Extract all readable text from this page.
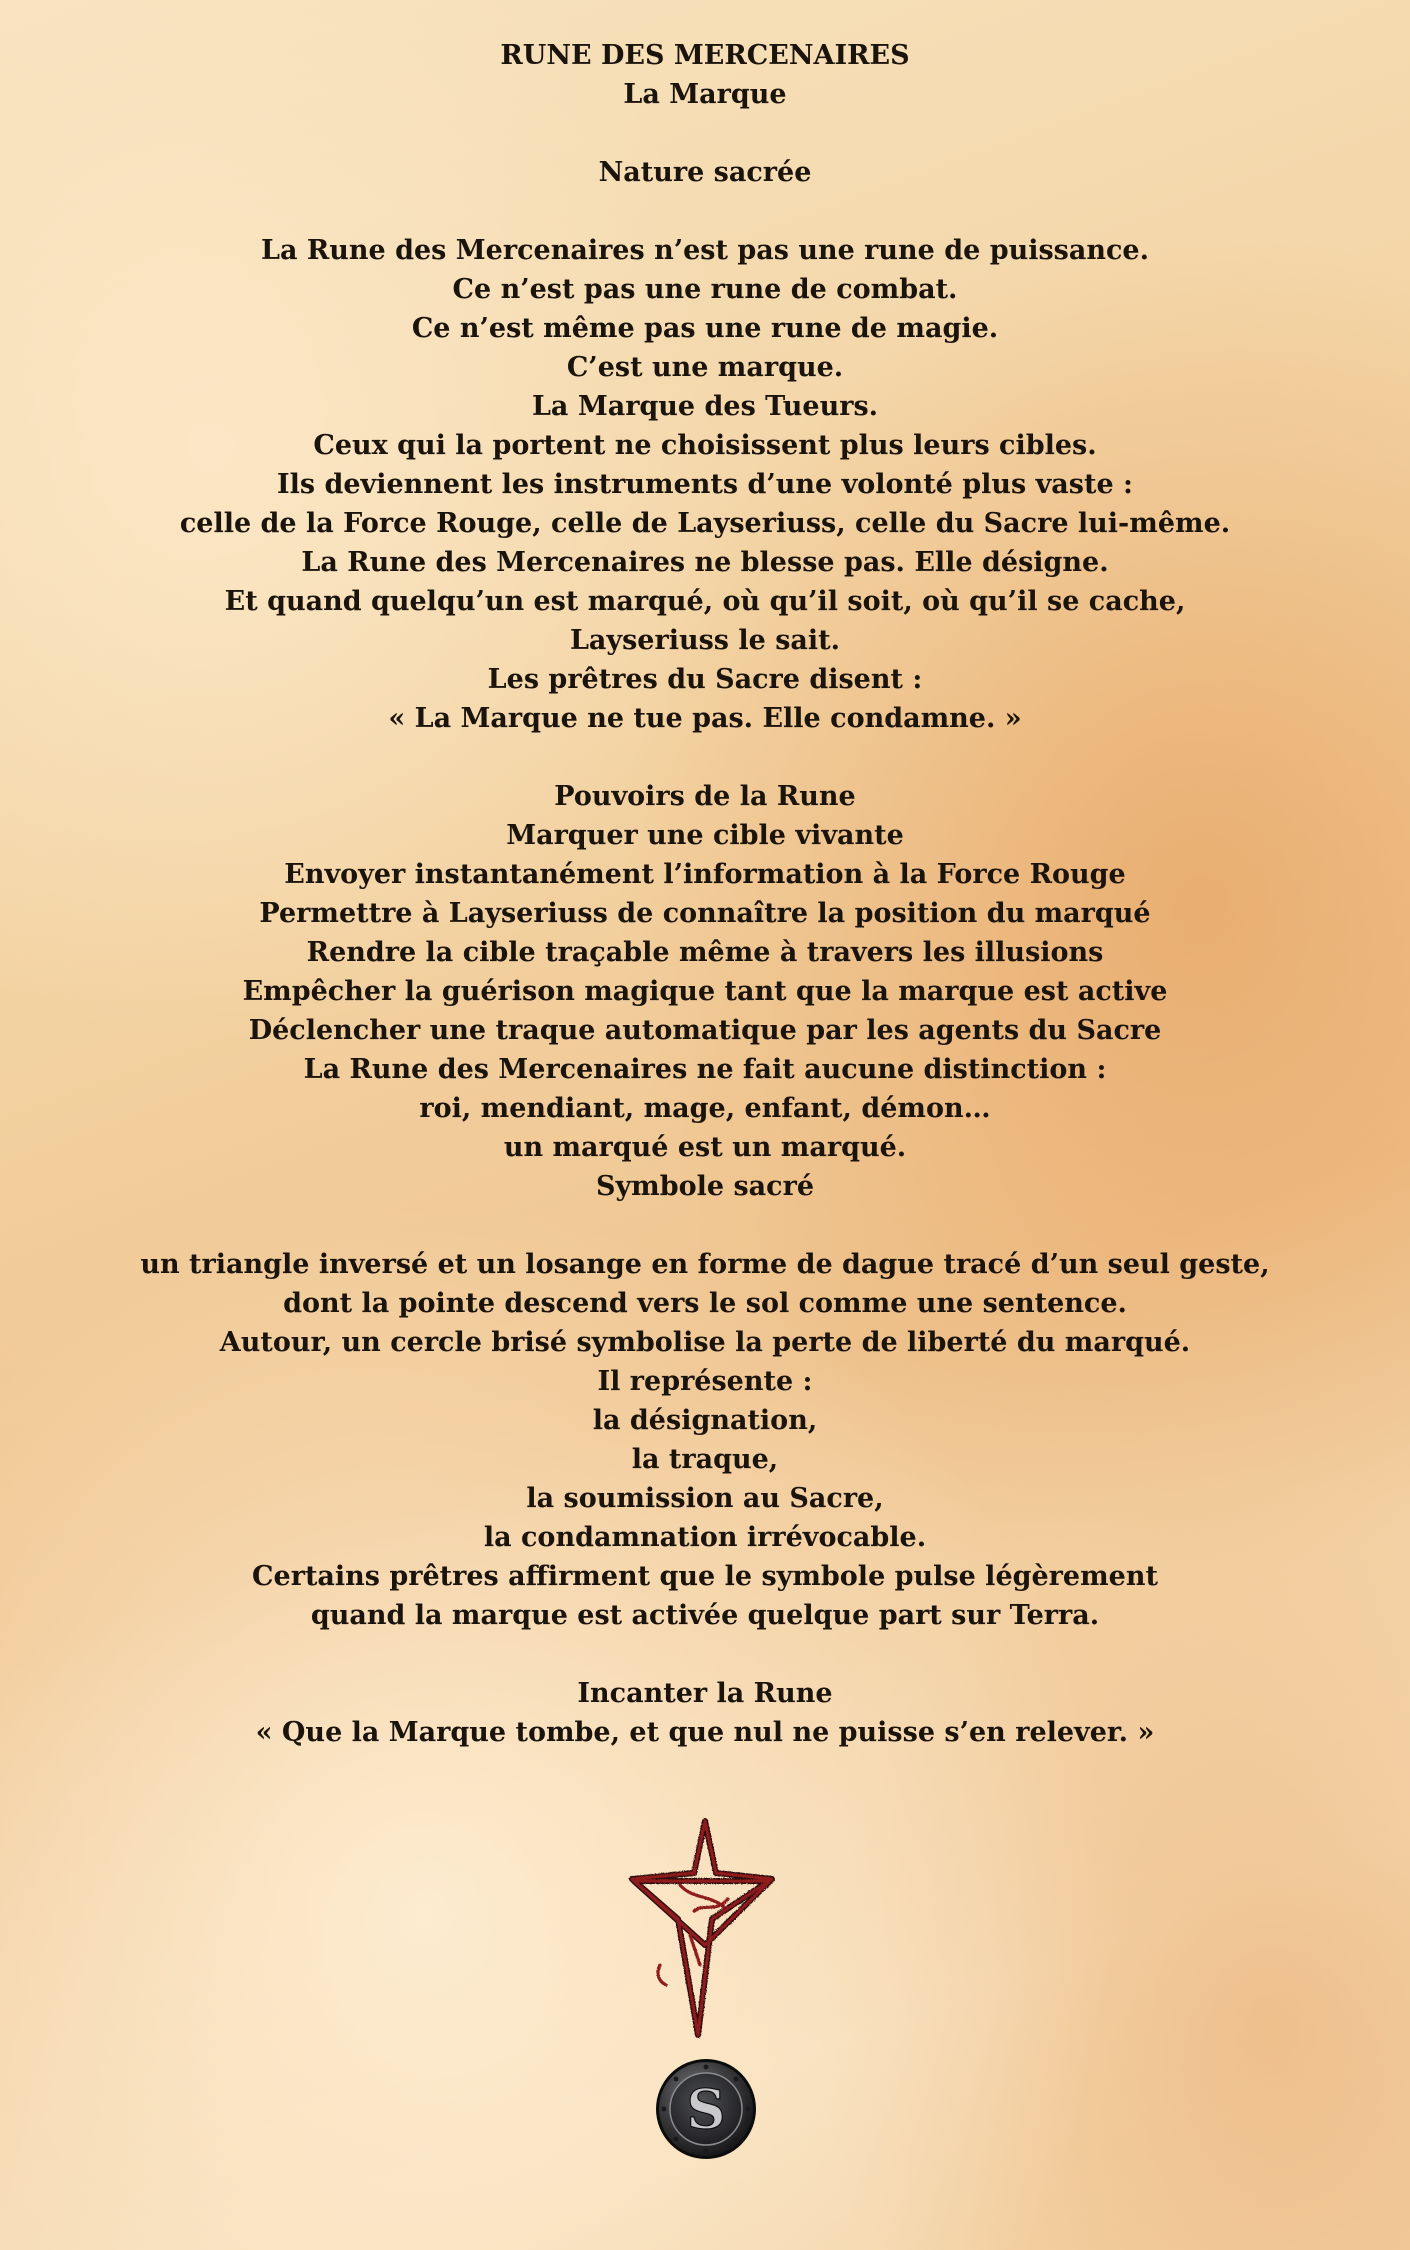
RUNE DES MERCENAIRES
La Marque
Nature sacrée
La Rune des Mercenaires n’est pas une rune de puissance.
Ce n’est pas une rune de combat.
Ce n’est même pas une rune de magie.
C’est une marque.
La Marque des Tueurs.
Ceux qui la portent ne choisissent plus leurs cibles.
Ils deviennent les instruments d’une volonté plus vaste :
celle de la Force Rouge, celle de Layseriuss, celle du Sacre lui-même.
La Rune des Mercenaires ne blesse pas. Elle désigne.
Et quand quelqu’un est marqué, où qu’il soit, où qu’il se cache,
Layseriuss le sait.
Les prêtres du Sacre disent :
« La Marque ne tue pas. Elle condamne. »
Pouvoirs de la Rune
Marquer une cible vivante
Envoyer instantanément l’information à la Force Rouge
Permettre à Layseriuss de connaître la position du marqué
Rendre la cible traçable même à travers les illusions
Empêcher la guérison magique tant que la marque est active
Déclencher une traque automatique par les agents du Sacre
La Rune des Mercenaires ne fait aucune distinction :
roi, mendiant, mage, enfant, démon…
un marqué est un marqué.
Symbole sacré
un triangle inversé et un losange en forme de dague tracé d’un seul geste,
dont la pointe descend vers le sol comme une sentence.
Autour, un cercle brisé symbolise la perte de liberté du marqué.
Il représente :
la désignation,
la traque,
la soumission au Sacre,
la condamnation irrévocable.
Certains prêtres affirment que le symbole pulse légèrement
quand la marque est activée quelque part sur Terra.
Incanter la Rune
« Que la Marque tombe, et que nul ne puisse s’en relever. »
S
